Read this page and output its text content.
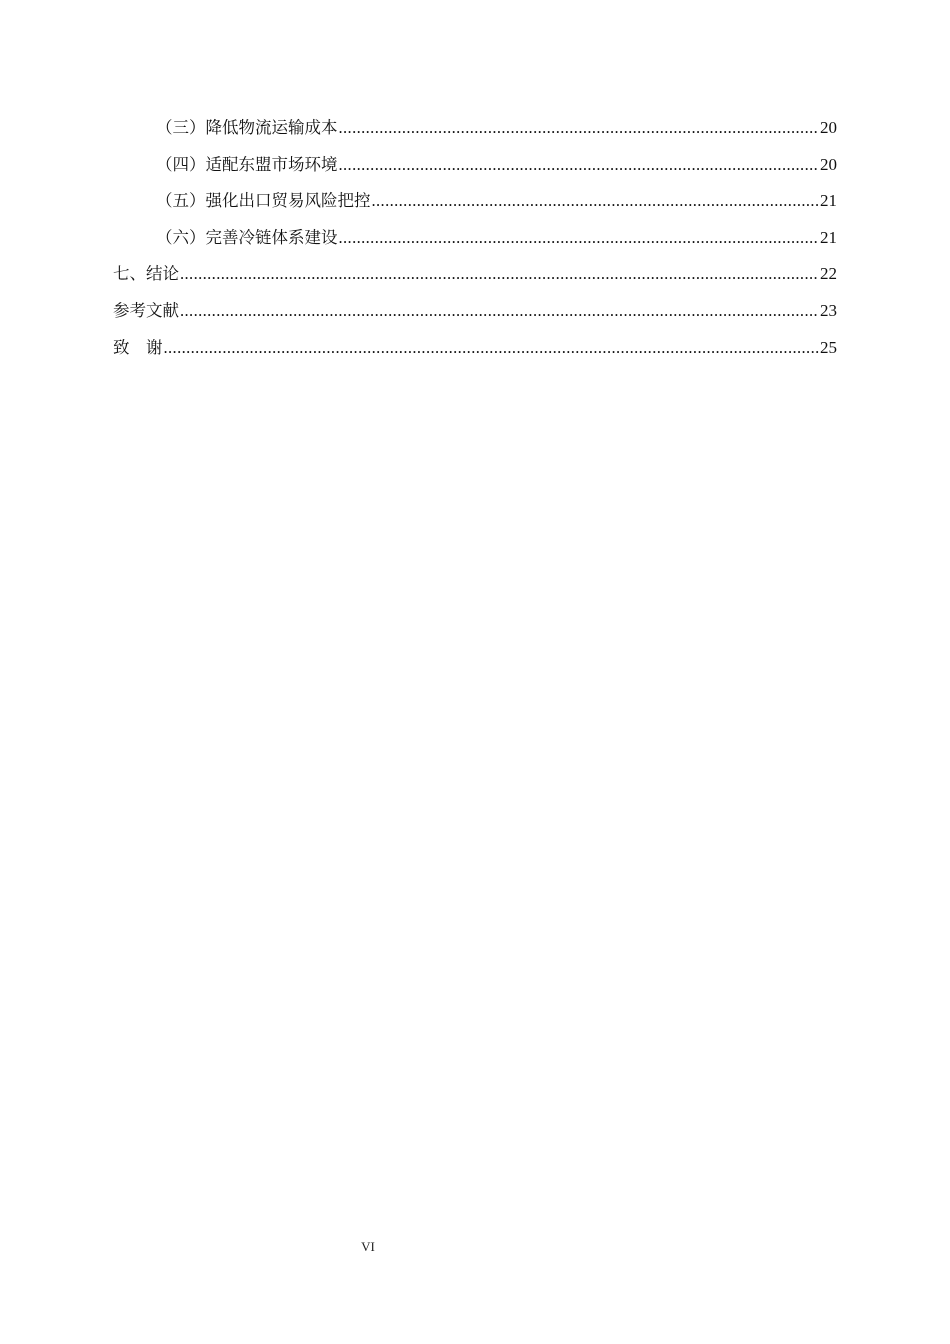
（三）降低物流运输成本 .....	20
（四）适配东盟市场环境 .....	20
（五）强化出口贸易风险把控 .....	21
（六）完善冷链体系建设 .....	21
七、结论 .....	22
参考文献 .....	23
致　谢 .....	25
VI
